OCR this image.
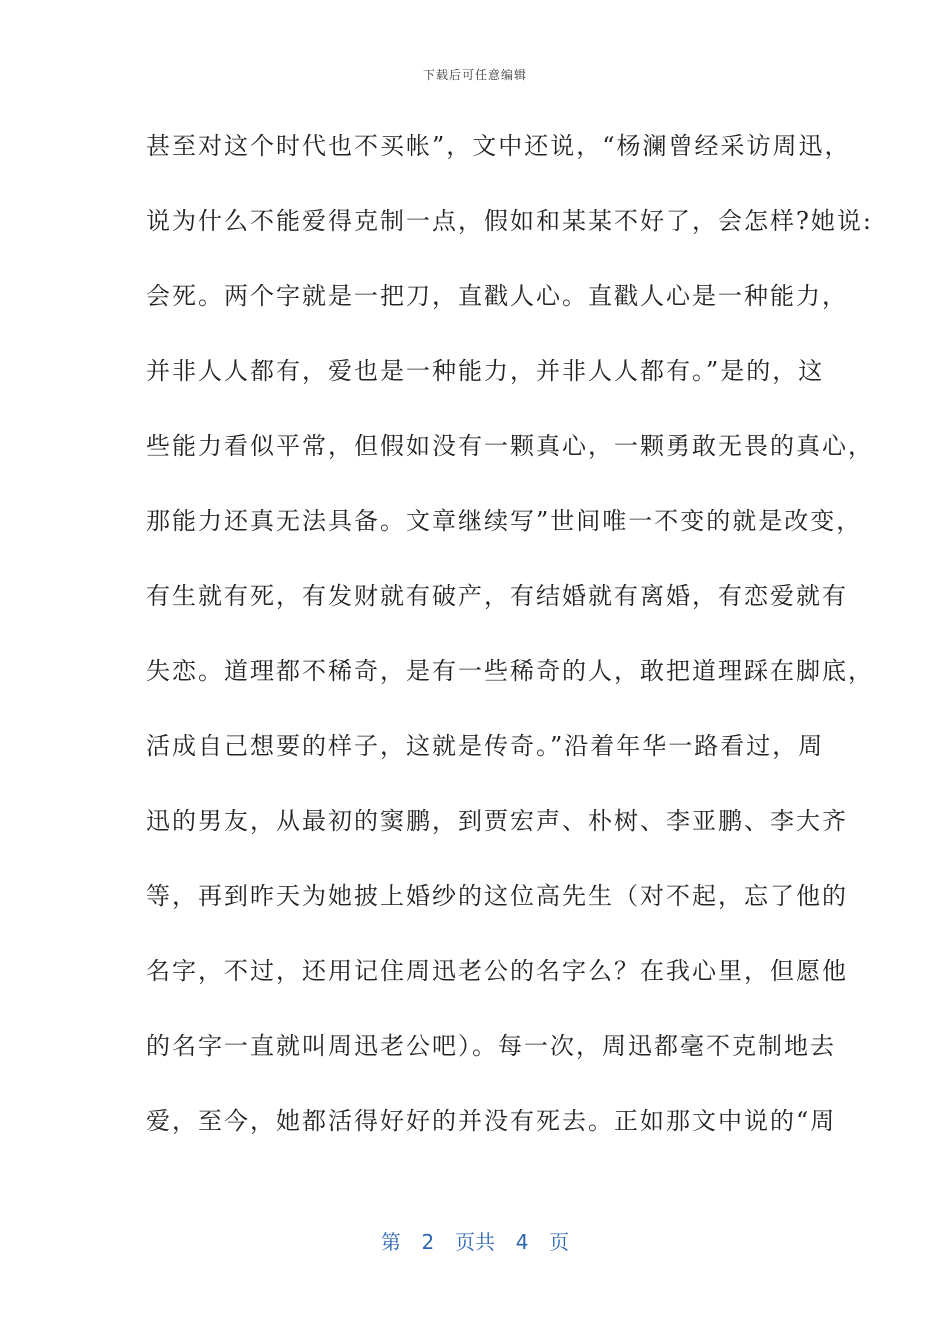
下载后可任意编辑
甚至对这个时代也不买帐”，文中还说，“杨澜曾经采访周迅，
说为什么不能爱得克制一点，假如和某某不好了，会怎样?她说:
会死。两个字就是一把刀，直戳人心。直戳人心是一种能力，
并非人人都有，爱也是一种能力，并非人人都有。”是的，这
些能力看似平常，但假如没有一颗真心，一颗勇敢无畏的真心，
那能力还真无法具备。文章继续写”世间唯一不变的就是改变，
有生就有死，有发财就有破产，有结婚就有离婚，有恋爱就有
失恋。道理都不稀奇，是有一些稀奇的人，敢把道理踩在脚底，
活成自己想要的样子，这就是传奇。”沿着年华一路看过，周
迅的男友，从最初的窦鹏，到贾宏声、朴树、李亚鹏、李大齐
等，再到昨天为她披上婚纱的这位高先生（对不起，忘了他的
名字，不过，还用记住周迅老公的名字么？在我心里，但愿他
的名字一直就叫周迅老公吧）。每一次，周迅都毫不克制地去
爱，至今，她都活得好好的并没有死去。正如那文中说的“周
第  2  页共  4  页
